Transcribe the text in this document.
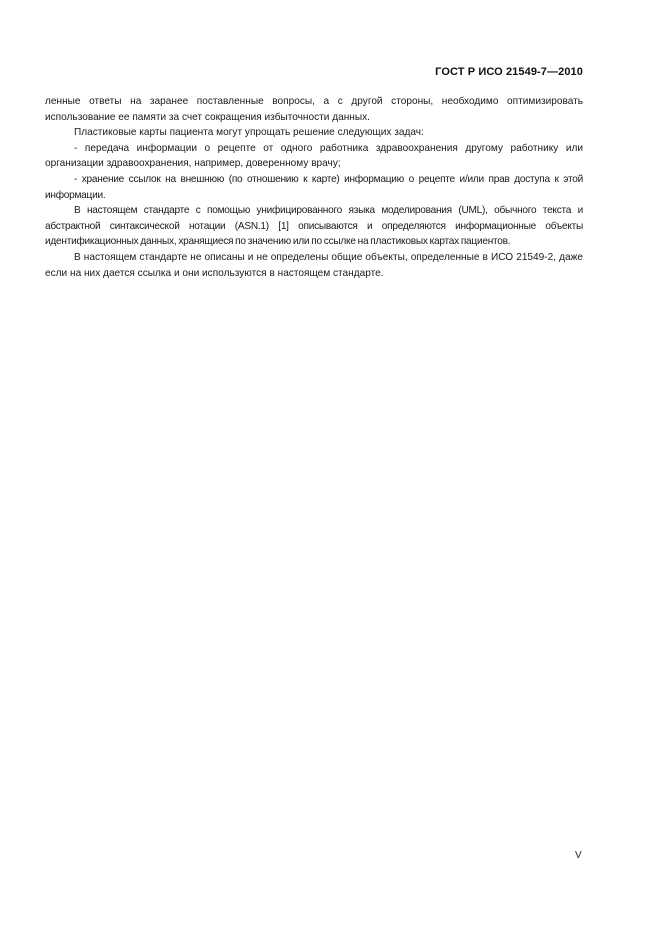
ГОСТ Р ИСО 21549-7—2010

ленные ответы на заранее поставленные вопросы, а с другой стороны, необходимо оптимизировать использование ее памяти за счет сокращения избыточности данных.

Пластиковые карты пациента могут упрощать решение следующих задач:

- передача информации о рецепте от одного работника здравоохранения другому работнику или организации здравоохранения, например, доверенному врачу;

- хранение ссылок на внешнюю (по отношению к карте) информацию о рецепте и/или прав доступа к этой информации.

В настоящем стандарте с помощью унифицированного языка моделирования (UML), обычного текста и абстрактной синтаксической нотации (ASN.1) [1] описываются и определяются информационные объекты идентификационных данных, хранящиеся по значению или по ссылке на пластиковых картах пациентов.

В настоящем стандарте не описаны и не определены общие объекты, определенные в ИСО 21549-2, даже если на них дается ссылка и они используются в настоящем стандарте.

V
